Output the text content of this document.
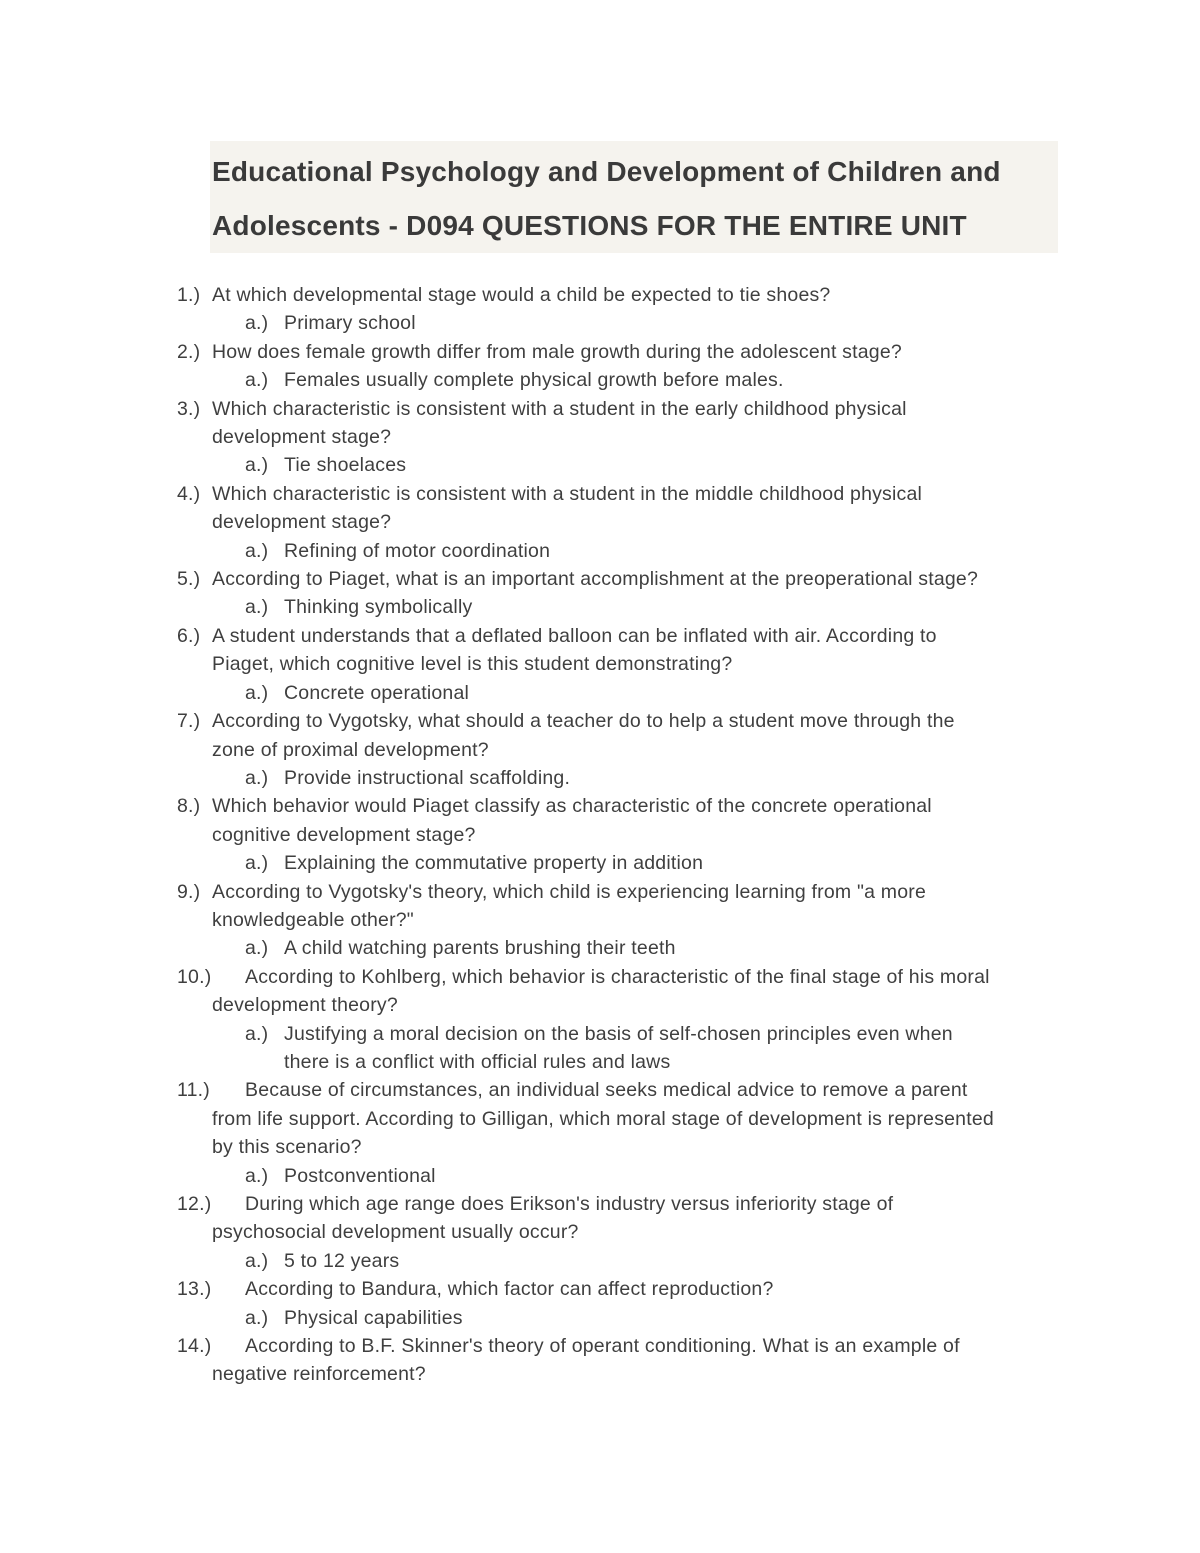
Educational Psychology and Development of Children and
Adolescents - D094 QUESTIONS FOR THE ENTIRE UNIT
1.) At which developmental stage would a child be expected to tie shoes?
a.) Primary school
2.) How does female growth differ from male growth during the adolescent stage?
a.) Females usually complete physical growth before males.
3.) Which characteristic is consistent with a student in the early childhood physical
development stage?
a.) Tie shoelaces
4.) Which characteristic is consistent with a student in the middle childhood physical
development stage?
a.) Refining of motor coordination
5.) According to Piaget, what is an important accomplishment at the preoperational stage?
a.) Thinking symbolically
6.) A student understands that a deflated balloon can be inflated with air. According to
Piaget, which cognitive level is this student demonstrating?
a.) Concrete operational
7.) According to Vygotsky, what should a teacher do to help a student move through the
zone of proximal development?
a.) Provide instructional scaffolding.
8.) Which behavior would Piaget classify as characteristic of the concrete operational
cognitive development stage?
a.) Explaining the commutative property in addition
9.) According to Vygotsky's theory, which child is experiencing learning from "a more
knowledgeable other?"
a.) A child watching parents brushing their teeth
10.)	According to Kohlberg, which behavior is characteristic of the final stage of his moral
development theory?
a.) Justifying a moral decision on the basis of self-chosen principles even when
there is a conflict with official rules and laws
11.)	Because of circumstances, an individual seeks medical advice to remove a parent
from life support. According to Gilligan, which moral stage of development is represented
by this scenario?
a.) Postconventional
12.)	During which age range does Erikson's industry versus inferiority stage of
psychosocial development usually occur?
a.) 5 to 12 years
13.)	According to Bandura, which factor can affect reproduction?
a.) Physical capabilities
14.)	According to B.F. Skinner's theory of operant conditioning. What is an example of
negative reinforcement?
